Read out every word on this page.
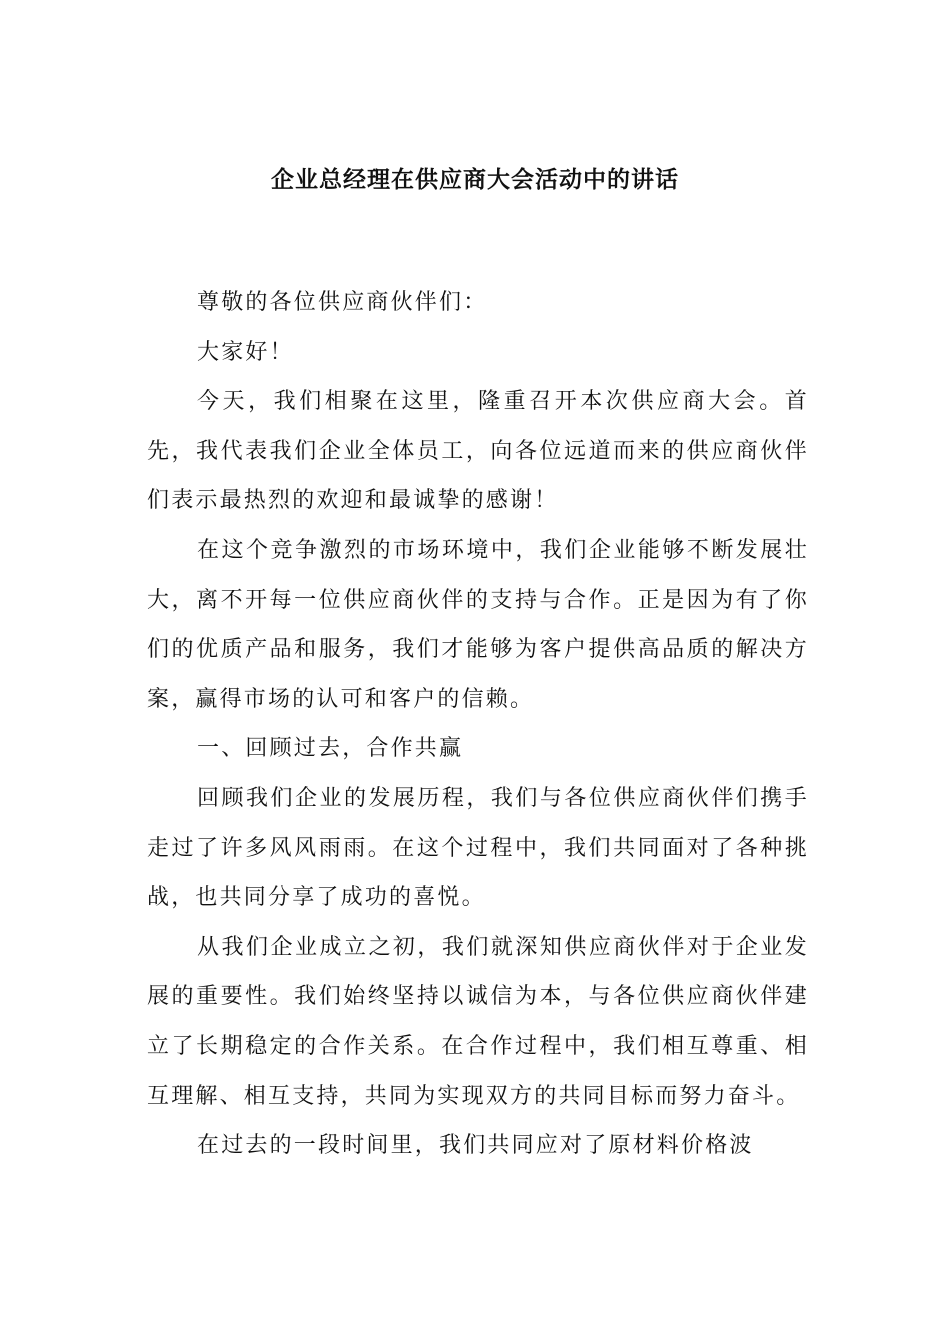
企业总经理在供应商大会活动中的讲话

尊敬的各位供应商伙伴们：

大家好！

今天，我们相聚在这里，隆重召开本次供应商大会。首先，我代表我们企业全体员工，向各位远道而来的供应商伙伴们表示最热烈的欢迎和最诚挚的感谢！

在这个竞争激烈的市场环境中，我们企业能够不断发展壮大，离不开每一位供应商伙伴的支持与合作。正是因为有了你们的优质产品和服务，我们才能够为客户提供高品质的解决方案，赢得市场的认可和客户的信赖。

一、回顾过去，合作共赢

回顾我们企业的发展历程，我们与各位供应商伙伴们携手走过了许多风风雨雨。在这个过程中，我们共同面对了各种挑战，也共同分享了成功的喜悦。

从我们企业成立之初，我们就深知供应商伙伴对于企业发展的重要性。我们始终坚持以诚信为本，与各位供应商伙伴建立了长期稳定的合作关系。在合作过程中，我们相互尊重、相互理解、相互支持，共同为实现双方的共同目标而努力奋斗。

在过去的一段时间里，我们共同应对了原材料价格波
